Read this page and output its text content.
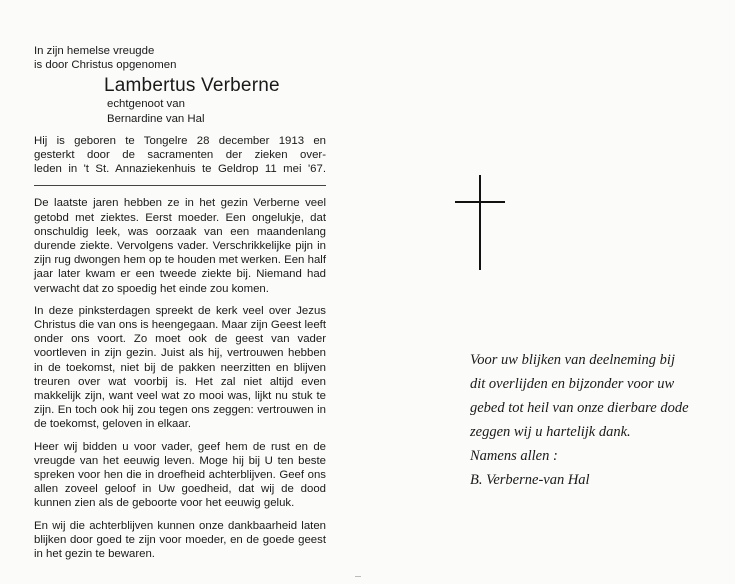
In zijn hemelse vreugde
is door Christus opgenomen
Lambertus Verberne
echtgenoot van
Bernardine van Hal
Hij is geboren te Tongelre 28 december 1913 en
gesterkt door de sacramenten der zieken over-
leden in 't St. Annaziekenhuis te Geldrop 11 mei '67.
De laatste jaren hebben ze in het gezin Verberne veel getobd met ziektes. Eerst moeder. Een ongelukje, dat onschuldig leek, was oorzaak van een maandenlang durende ziekte. Vervolgens vader. Verschrikkelijke pijn in zijn rug dwongen hem op te houden met werken. Een half jaar later kwam er een tweede ziekte bij. Niemand had verwacht dat zo spoedig het einde zou komen.
In deze pinksterdagen spreekt de kerk veel over Jezus Christus die van ons is heengegaan. Maar zijn Geest leeft onder ons voort. Zo moet ook de geest van vader voortleven in zijn gezin. Juist als hij, vertrouwen hebben in de toekomst, niet bij de pakken neerzitten en blijven treuren over wat voorbij is. Het zal niet altijd even makkelijk zijn, want veel wat zo mooi was, lijkt nu stuk te zijn. En toch ook hij zou tegen ons zeggen: vertrouwen in de toekomst, geloven in elkaar.
Heer wij bidden u voor vader, geef hem de rust en de vreugde van het eeuwig leven. Moge hij bij U ten beste spreken voor hen die in droefheid achterblijven. Geef ons allen zoveel geloof in Uw goedheid, dat wij de dood kunnen zien als de geboorte voor het eeuwig geluk.
En wij die achterblijven kunnen onze dankbaarheid laten blijken door goed te zijn voor moeder, en de goede geest in het gezin te bewaren.
Voor uw blijken van deelneming bij
dit overlijden en bijzonder voor uw
gebed tot heil van onze dierbare dode
zeggen wij u hartelijk dank.
Namens allen :
B. Verberne-van Hal
